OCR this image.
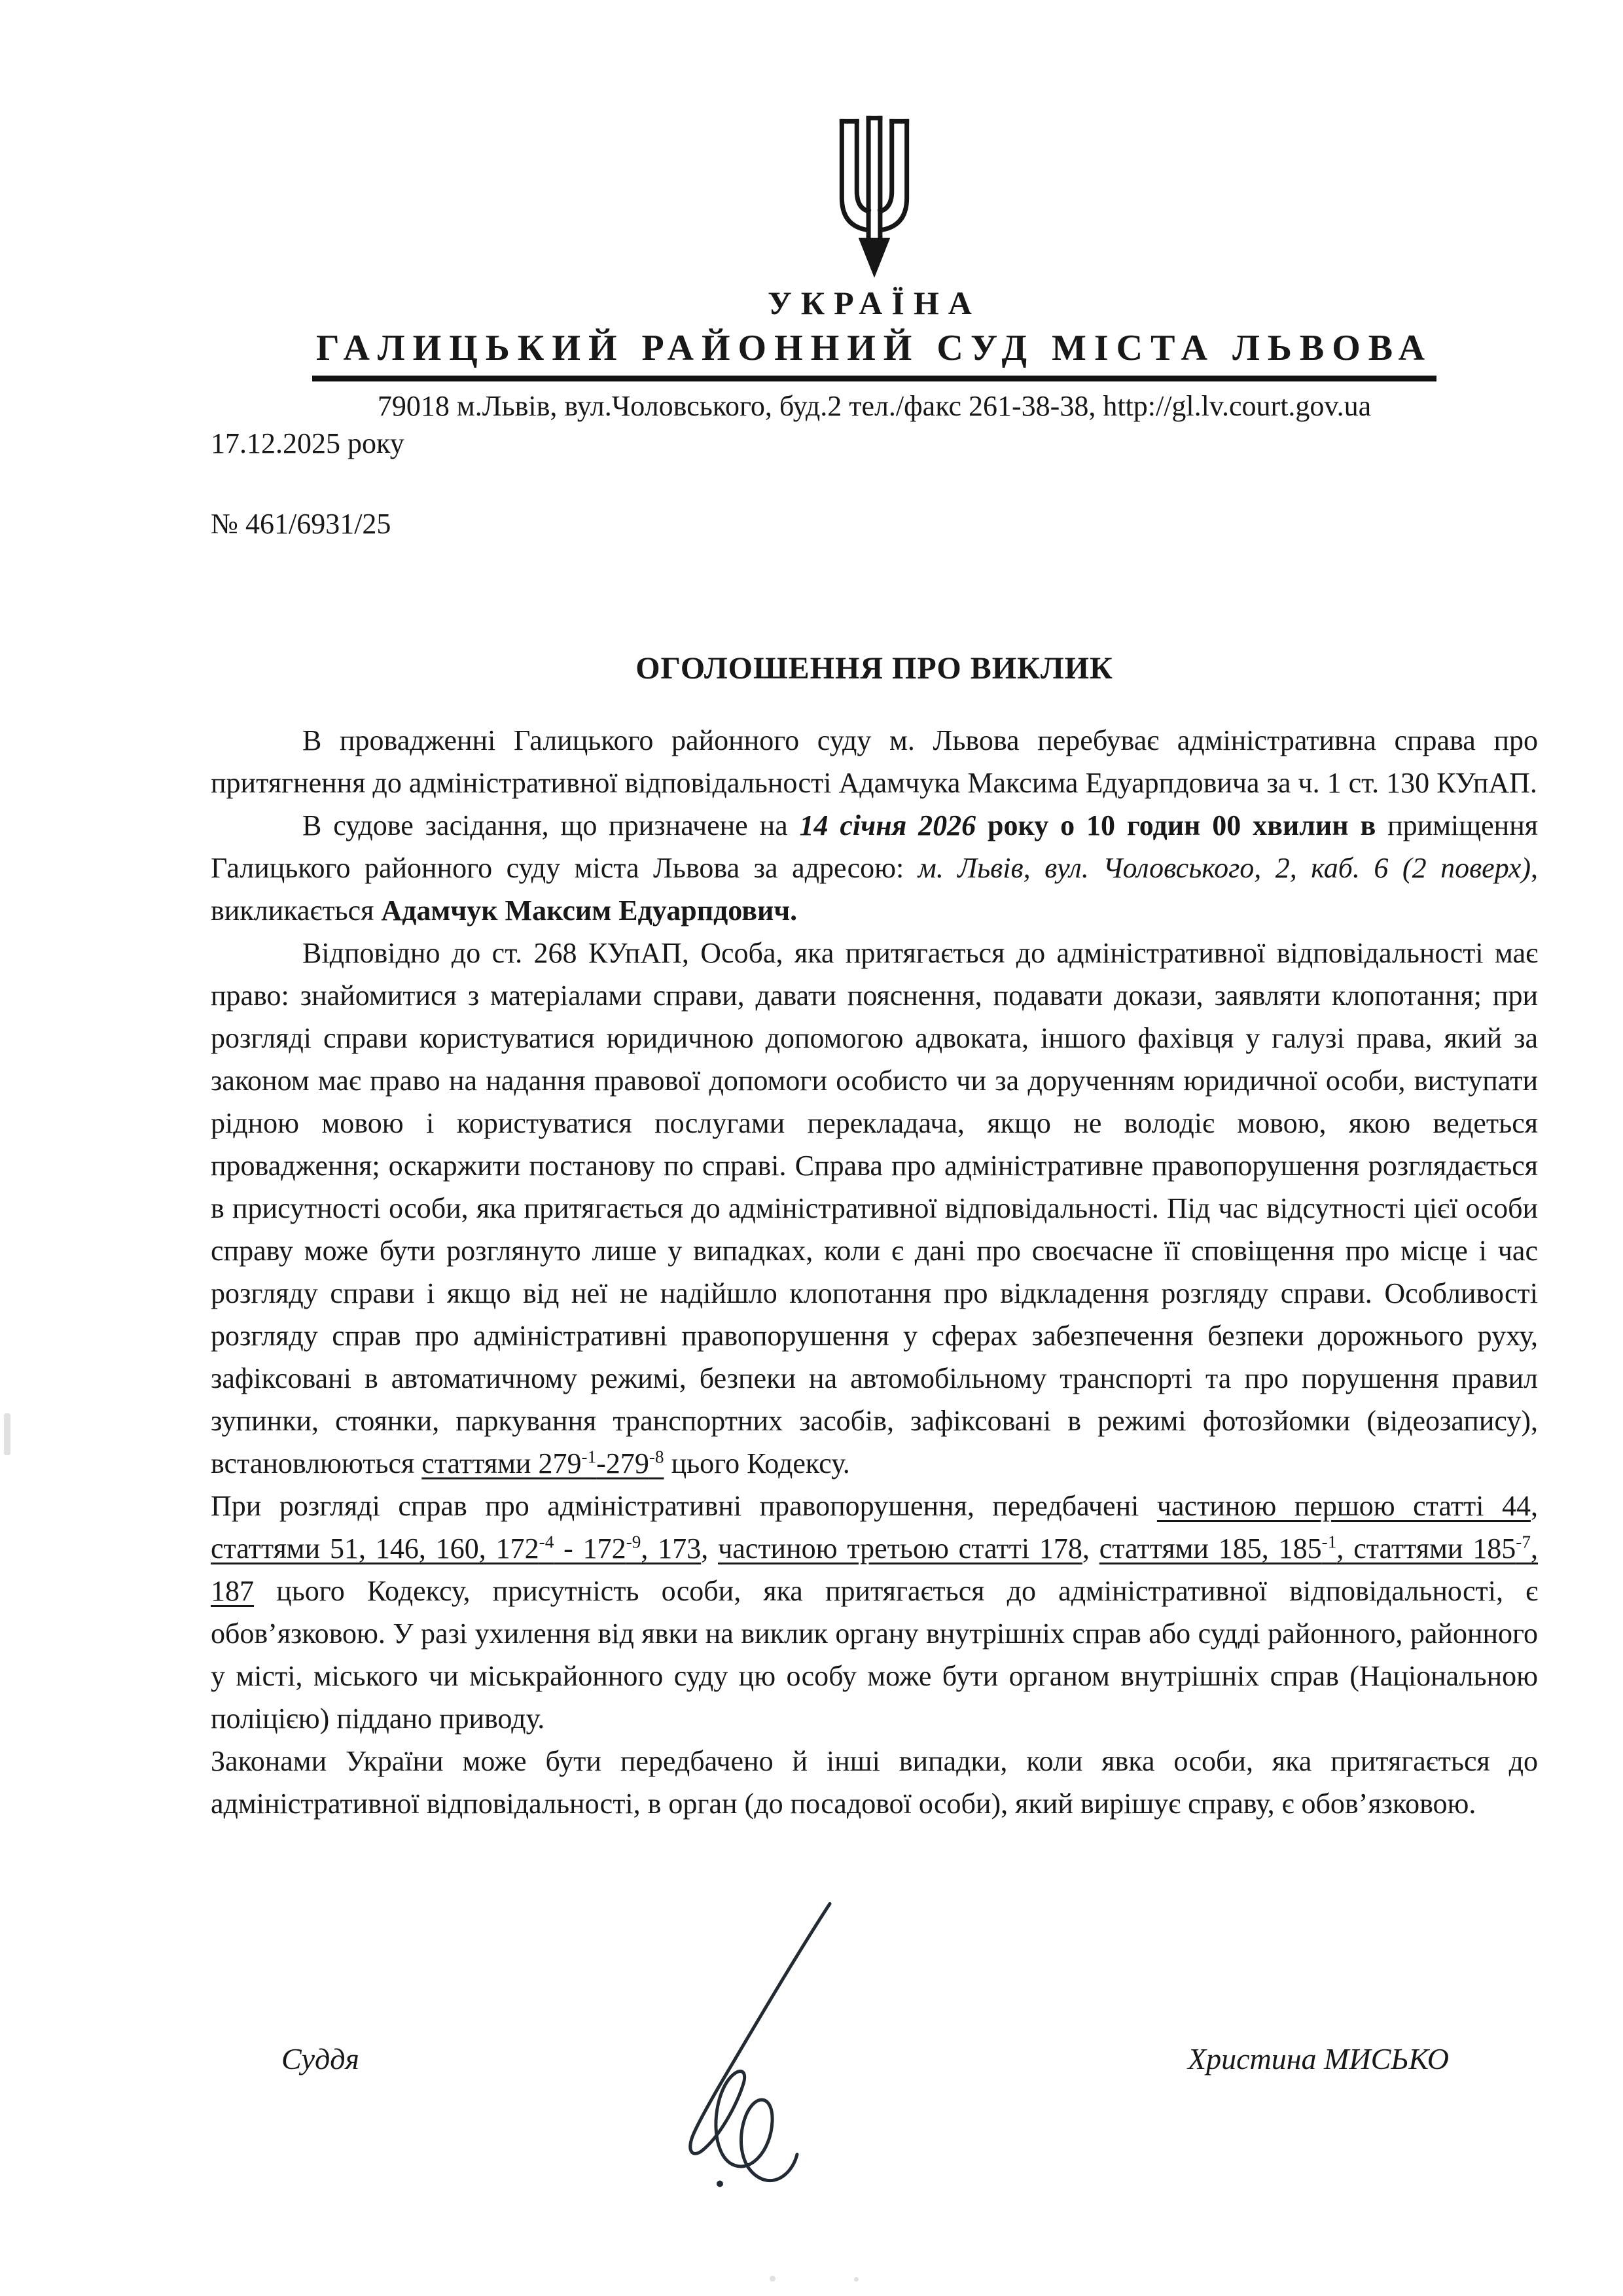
УКРАЇНА
ГАЛИЦЬКИЙ РАЙОННИЙ СУД МІСТА ЛЬВОВА
79018 м.Львів, вул.Чоловського, буд.2 тел./факс 261-38-38, http://gl.lv.court.gov.ua
17.12.2025 року
№ 461/6931/25
ОГОЛОШЕННЯ ПРО ВИКЛИК

В провадженні Галицького районного суду м. Львова перебуває адміністративна справа про притягнення до адміністративної відповідальності Адамчука Максима Едуарпдовича за ч. 1 ст. 130 КУпАП.

В судове засідання, що призначене на 14 січня 2026 року о 10 годин 00 хвилин в приміщення Галицького районного суду міста Львова за адресою: м. Львів, вул. Чоловського, 2, каб. 6 (2 поверх), викликається Адамчук Максим Едуарпдович.

Відповідно до ст. 268 КУпАП, Особа, яка притягається до адміністративної відповідальності має право: знайомитися з матеріалами справи, давати пояснення, подавати докази, заявляти клопотання; при розгляді справи користуватися юридичною допомогою адвоката, іншого фахівця у галузі права, який за законом має право на надання правової допомоги особисто чи за дорученням юридичної особи, виступати рідною мовою і користуватися послугами перекладача, якщо не володіє мовою, якою ведеться провадження; оскаржити постанову по справі. Справа про адміністративне правопорушення розглядається в присутності особи, яка притягається до адміністративної відповідальності. Під час відсутності цієї особи справу може бути розглянуто лише у випадках, коли є дані про своєчасне її сповіщення про місце і час розгляду справи і якщо від неї не надійшло клопотання про відкладення розгляду справи. Особливості розгляду справ про адміністративні правопорушення у сферах забезпечення безпеки дорожнього руху, зафіксовані в автоматичному режимі, безпеки на автомобільному транспорті та про порушення правил зупинки, стоянки, паркування транспортних засобів, зафіксовані в режимі фотозйомки (відеозапису), встановлюються статтями $279^{-1}-279^{-8}$ цього Кодексу.

При розгляді справ про адміністративні правопорушення, передбачені частиною першою статті 44, статтями 51, 146, 160, $172^{-4} - 172^{-9}$, 173, частиною третьою статті 178, статтями 185, $185^{-1}$, статтями $185^{-7}$, 187 цього Кодексу, присутність особи, яка притягається до адміністративної відповідальності, є обов’язковою. У разі ухилення від явки на виклик органу внутрішніх справ або судді районного, районного у місті, міського чи міськрайонного суду цю особу може бути органом внутрішніх справ (Національною поліцією) піддано приводу.

Законами України може бути передбачено й інші випадки, коли явка особи, яка притягається до адміністративної відповідальності, в орган (до посадової особи), який вирішує справу, є обов’язковою.

Суддя	Христина МИСЬКО
